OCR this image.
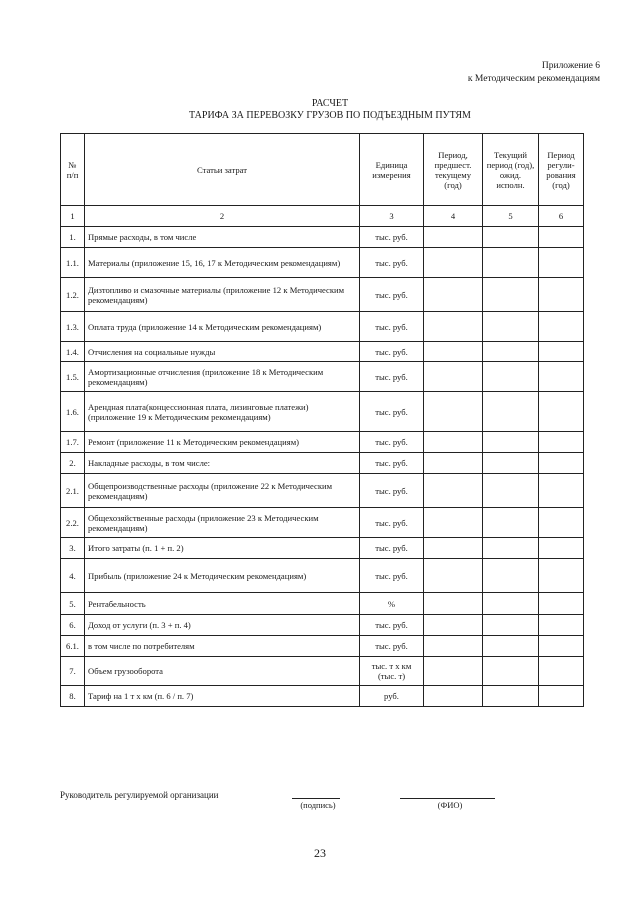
Приложение 6
к Методическим рекомендациям
РАСЧЕТ
ТАРИФА ЗА ПЕРЕВОЗКУ ГРУЗОВ ПО ПОДЪЕЗДНЫМ ПУТЯМ
№ п/п	Статьи затрат	Единица измерения	Период, предшест. текущему (год)	Текущий период (год), ожид. исполн.	Период регули-рования (год)
1	2	3	4	5	6
1.	Прямые расходы, в том числе	тыс. руб.			
1.1.	Материалы (приложение 15, 16, 17 к Методическим рекомендациям)	тыс. руб.			
1.2.	Дизтопливо и смазочные материалы (приложение 12 к Методическим рекомендациям)	тыс. руб.			
1.3.	Оплата труда (приложение 14 к Методическим рекомендациям)	тыс. руб.			
1.4.	Отчисления на социальные нужды	тыс. руб.			
1.5.	Амортизационные отчисления (приложение 18 к Методическим рекомендациям)	тыс. руб.			
1.6.	Арендная плата(концессионная плата, лизинговые платежи) (приложение 19 к Методическим рекомендациям)	тыс. руб.			
1.7.	Ремонт (приложение 11 к Методическим рекомендациям)	тыс. руб.			
2.	Накладные расходы, в том числе:	тыс. руб.			
2.1.	Общепроизводственные расходы (приложение 22 к Методическим рекомендациям)	тыс. руб.			
2.2.	Общехозяйственные расходы (приложение 23 к Методическим рекомендациям)	тыс. руб.			
3.	Итого затраты (п. 1 + п. 2)	тыс. руб.			
4.	Прибыль (приложение 24 к Методическим рекомендациям)	тыс. руб.			
5.	Рентабельность	%			
6.	Доход от услуги (п. 3 + п. 4)	тыс. руб.			
6.1.	в том числе по потребителям	тыс. руб.			
7.	Объем грузооборота	тыс. т х км (тыс. т)			
8.	Тариф на 1 т х км (п. 6 / п. 7)	руб.			
Руководитель регулируемой организации
(подпись)	(ФИО)
23
